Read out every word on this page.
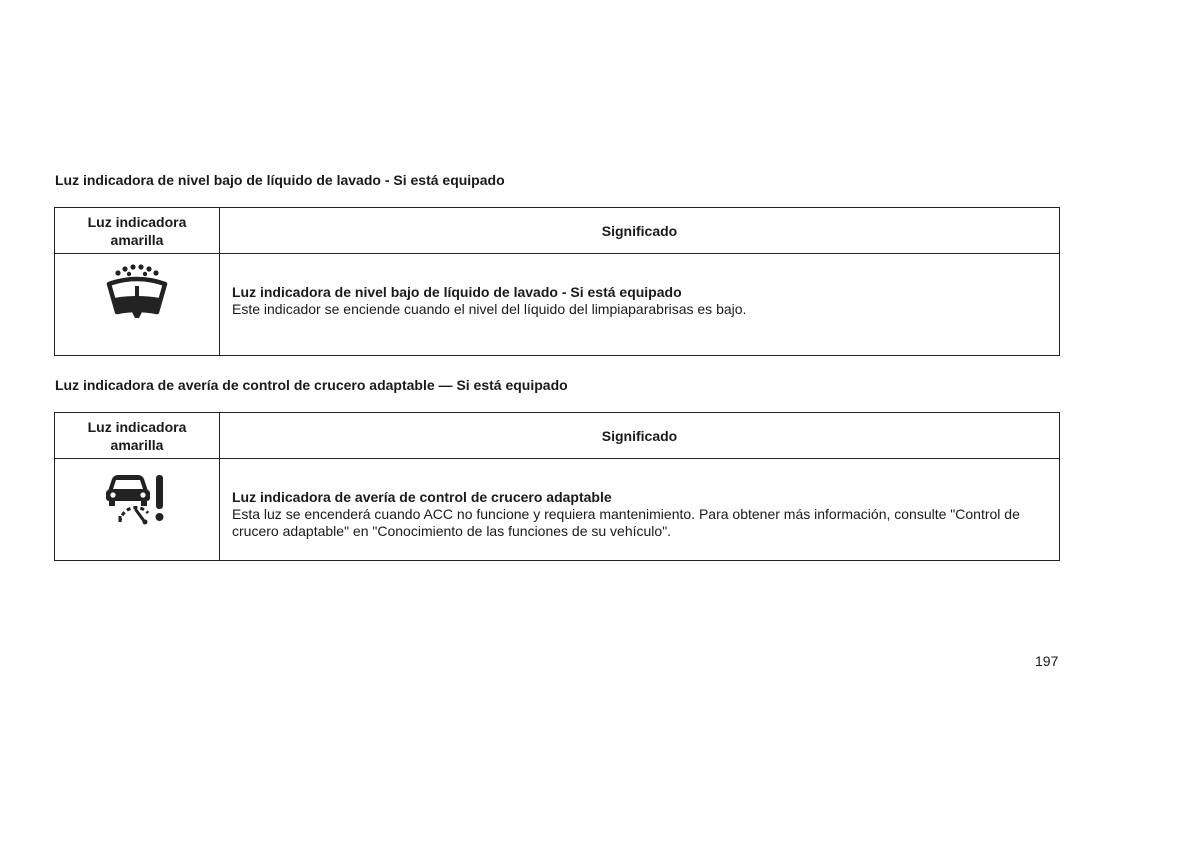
Luz indicadora de nivel bajo de líquido de lavado - Si está equipado
Luz indicadora amarilla	Significado

Luz indicadora de nivel bajo de líquido de lavado - Si está equipado
Este indicador se enciende cuando el nivel del líquido del limpiaparabrisas es bajo.
Luz indicadora de avería de control de crucero adaptable — Si está equipado
Luz indicadora amarilla	Significado

Luz indicadora de avería de control de crucero adaptable
Esta luz se encenderá cuando ACC no funcione y requiera mantenimiento. Para obtener más información, consulte "Control de crucero adaptable" en "Conocimiento de las funciones de su vehículo".
197
